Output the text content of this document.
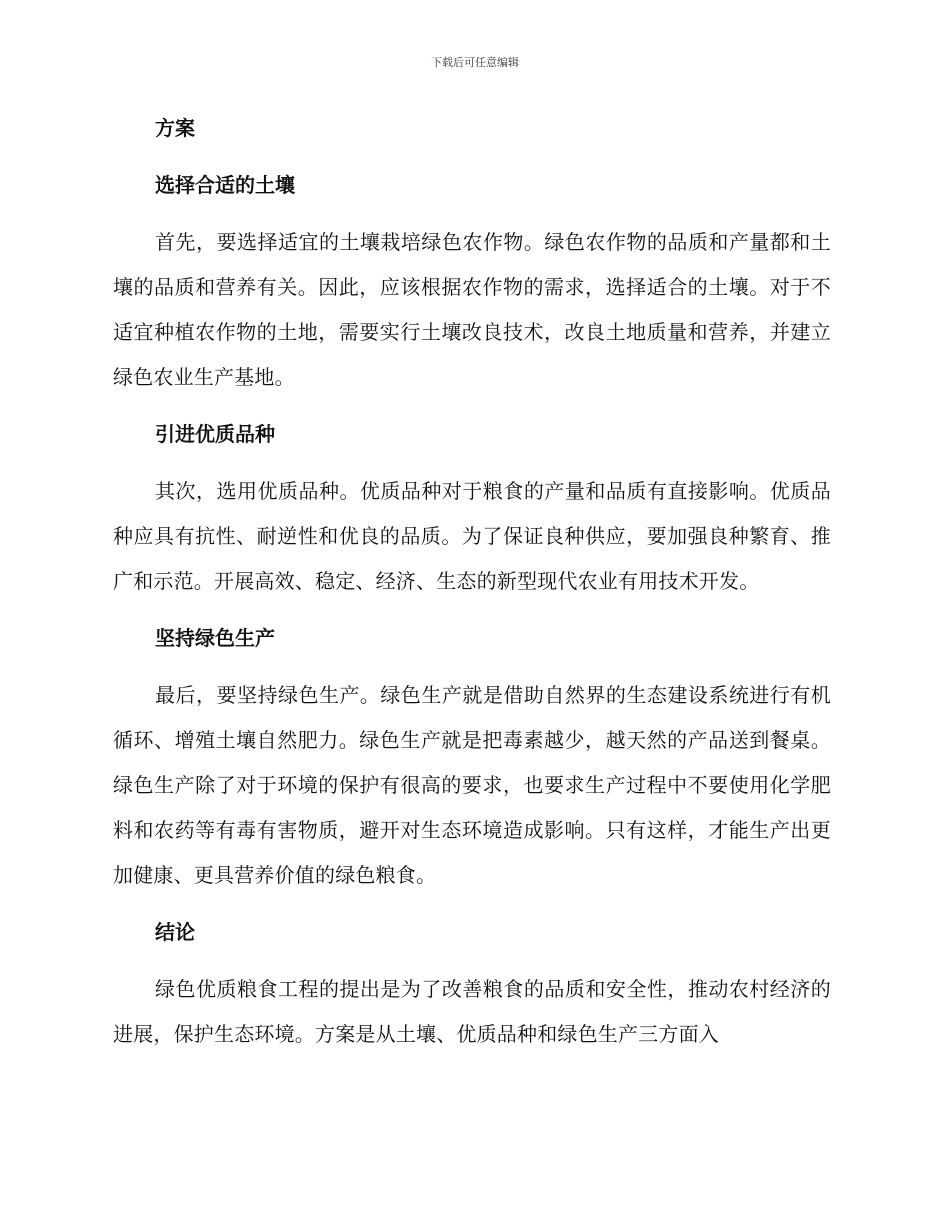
下载后可任意编辑
方案
选择合适的土壤

首先，要选择适宜的土壤栽培绿色农作物。绿色农作物的品质和产量都和土壤的品质和营养有关。因此，应该根据农作物的需求，选择适合的土壤。对于不适宜种植农作物的土地，需要实行土壤改良技术，改良土地质量和营养，并建立绿色农业生产基地。

引进优质品种

其次，选用优质品种。优质品种对于粮食的产量和品质有直接影响。优质品种应具有抗性、耐逆性和优良的品质。为了保证良种供应，要加强良种繁育、推广和示范。开展高效、稳定、经济、生态的新型现代农业有用技术开发。

坚持绿色生产

最后，要坚持绿色生产。绿色生产就是借助自然界的生态建设系统进行有机循环、增殖土壤自然肥力。绿色生产就是把毒素越少，越天然的产品送到餐桌。绿色生产除了对于环境的保护有很高的要求，也要求生产过程中不要使用化学肥料和农药等有毒有害物质，避开对生态环境造成影响。只有这样，才能生产出更加健康、更具营养价值的绿色粮食。

结论

绿色优质粮食工程的提出是为了改善粮食的品质和安全性，推动农村经济的进展，保护生态环境。方案是从土壤、优质品种和绿色生产三方面入
